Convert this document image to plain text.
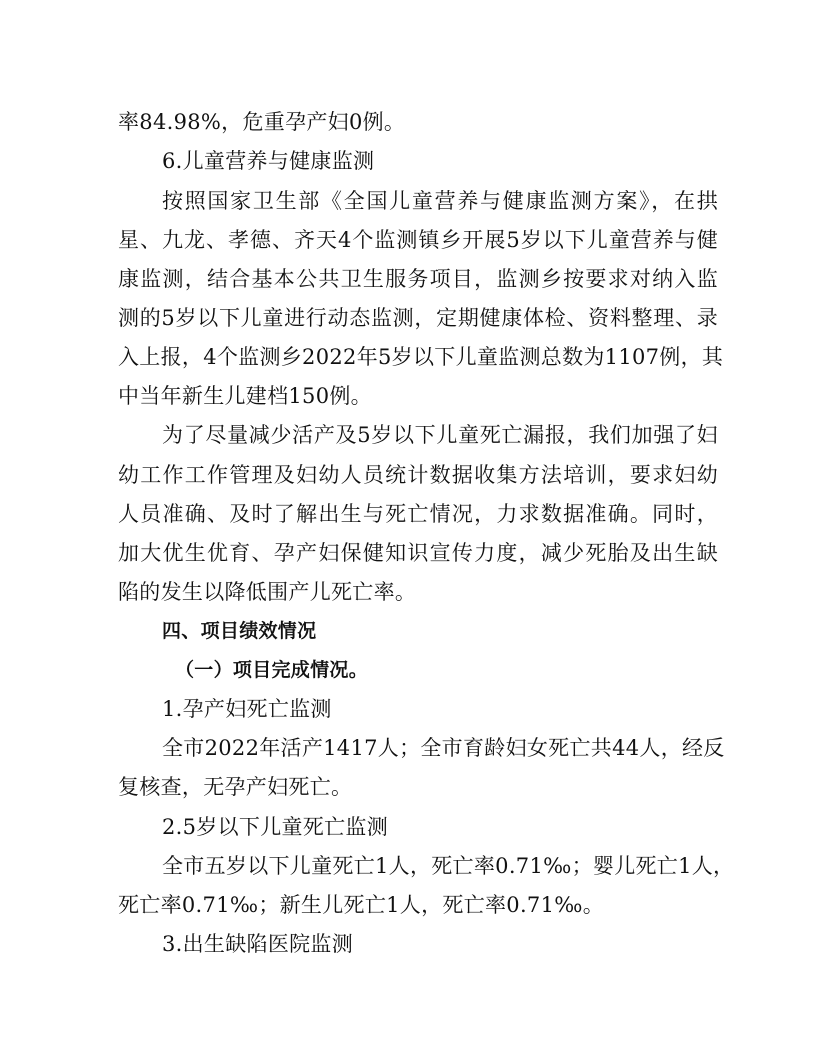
率84.98%，危重孕产妇0例。
6.儿童营养与健康监测
按照国家卫生部《全国儿童营养与健康监测方案》，在拱
星、九龙、孝德、齐天4个监测镇乡开展5岁以下儿童营养与健
康监测，结合基本公共卫生服务项目，监测乡按要求对纳入监
测的5岁以下儿童进行动态监测，定期健康体检、资料整理、录
入上报，4个监测乡2022年5岁以下儿童监测总数为1107例，其
中当年新生儿建档150例。
为了尽量减少活产及5岁以下儿童死亡漏报，我们加强了妇
幼工作工作管理及妇幼人员统计数据收集方法培训，要求妇幼
人员准确、及时了解出生与死亡情况，力求数据准确。同时，
加大优生优育、孕产妇保健知识宣传力度，减少死胎及出生缺
陷的发生以降低围产儿死亡率。
四、项目绩效情况
（一）项目完成情况。
1.孕产妇死亡监测
全市2022年活产1417人；全市育龄妇女死亡共44人，经反
复核查，无孕产妇死亡。
2.5岁以下儿童死亡监测
全市五岁以下儿童死亡1人，死亡率0.71‰；婴儿死亡1人，
死亡率0.71‰；新生儿死亡1人，死亡率0.71‰。
3.出生缺陷医院监测
